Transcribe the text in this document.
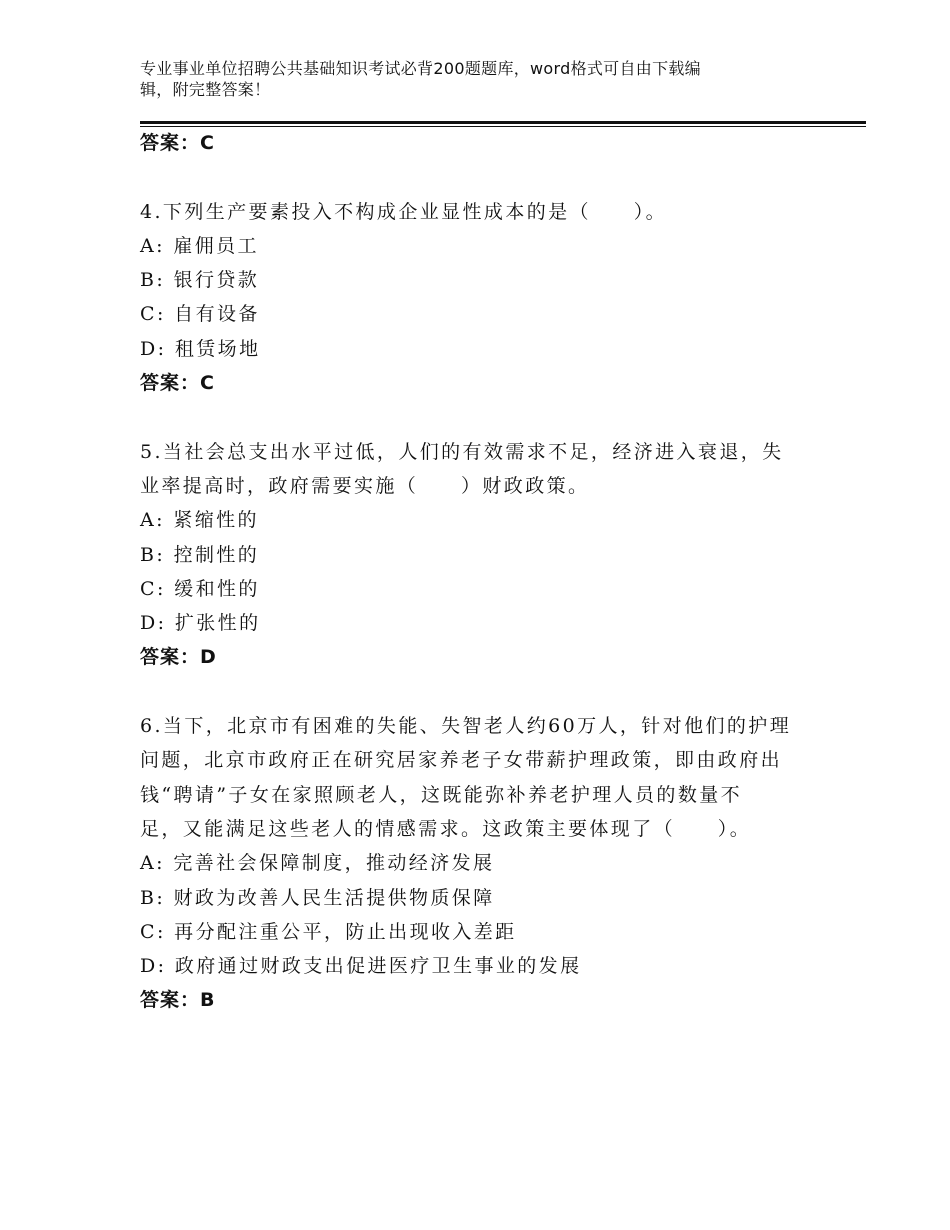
专业事业单位招聘公共基础知识考试必背200题题库，word格式可自由下载编
辑，附完整答案！
答案：C
4.下列生产要素投入不构成企业显性成本的是（　　）。
A: 雇佣员工
B: 银行贷款
C: 自有设备
D: 租赁场地
答案：C
5.当社会总支出水平过低，人们的有效需求不足，经济进入衰退，失
业率提高时，政府需要实施（　　）财政政策。
A: 紧缩性的
B: 控制性的
C: 缓和性的
D: 扩张性的
答案：D
6.当下，北京市有困难的失能、失智老人约60万人，针对他们的护理
问题，北京市政府正在研究居家养老子女带薪护理政策，即由政府出
钱“聘请”子女在家照顾老人，这既能弥补养老护理人员的数量不
足，又能满足这些老人的情感需求。这政策主要体现了（　　）。
A: 完善社会保障制度，推动经济发展
B: 财政为改善人民生活提供物质保障
C: 再分配注重公平，防止出现收入差距
D: 政府通过财政支出促进医疗卫生事业的发展
答案：B
